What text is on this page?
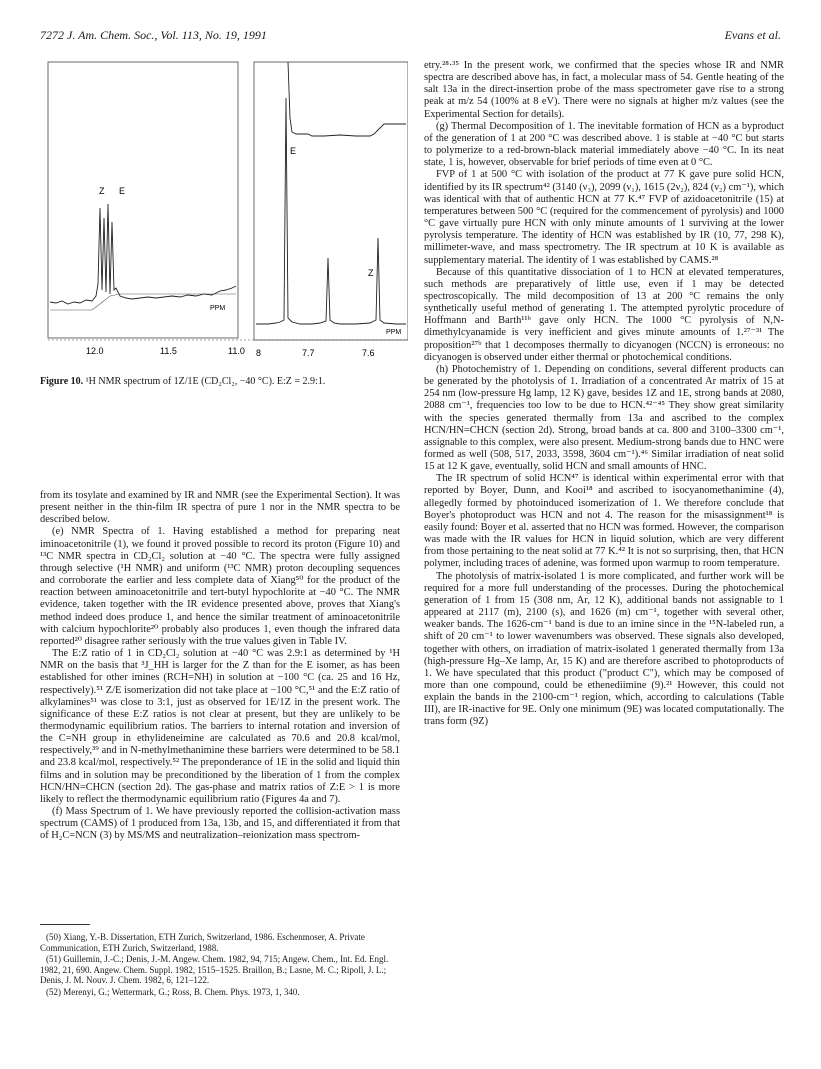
7272 J. Am. Chem. Soc., Vol. 113, No. 19, 1991	Evans et al.
PPM
Z E
E
Z
PPM
12.0	11.5	11.0 8	7.7	7.6
Figure 10. ¹H NMR spectrum of 1Z/1E (CD₂Cl₂, −40 °C). E:Z = 2.9:1.

from its tosylate and examined by IR and NMR (see the Experimental Section). It was present neither in the thin-film IR spectra of pure 1 nor in the NMR spectra to be described below.

(e) NMR Spectra of 1. Having established a method for preparing neat iminoacetonitrile (1), we found it proved possible to record its proton (Figure 10) and ¹³C NMR spectra in CD₂Cl₂ solution at −40 °C. The spectra were fully assigned through selective (¹H NMR) and uniform (¹³C NMR) proton decoupling sequences and corroborate the earlier and less complete data of Xiang⁵⁰ for the product of the reaction between aminoacetonitrile and tert-butyl hypochlorite at −40 °C. The NMR evidence, taken together with the IR evidence presented above, proves that Xiang's method indeed does produce 1, and hence the similar treatment of aminoacetonitrile with calcium hypochlorite²⁰ probably also produces 1, even though the infrared data reported²⁰ disagree rather seriously with the true values given in Table IV.

The E:Z ratio of 1 in CD₂Cl₂ solution at −40 °C was 2.9:1 as determined by ¹H NMR on the basis that ³J_HH is larger for the Z than for the E isomer, as has been established for other imines (RCH=NH) in solution at −100 °C (ca. 25 and 16 Hz, respectively).⁵¹ Z/E isomerization did not take place at −100 °C,⁵¹ and the E:Z ratio of alkylamines⁵¹ was close to 3:1, just as observed for 1E/1Z in the present work. The significance of these E:Z ratios is not clear at present, but they are unlikely to be thermodynamic equilibrium ratios. The barriers to internal rotation and inversion of the C=NH group in ethylideneimine are calculated as 70.6 and 20.8 kcal/mol, respectively,³⁹ and in N-methylmethanimine these barriers were determined to be 58.1 and 23.8 kcal/mol, respectively.⁵² The preponderance of 1E in the solid and liquid thin films and in solution may be preconditioned by the liberation of 1 from the complex HCN/HN=CHCN (section 2d). The gas-phase and matrix ratios of Z:E > 1 is more likely to reflect the thermodynamic equilibrium ratio (Figures 4a and 7).

(f) Mass Spectrum of 1. We have previously reported the collision-activation mass spectrum (CAMS) of 1 produced from 13a, 13b, and 15, and differentiated it from that of H₂C=NCN (3) by MS/MS and neutralization–reionization mass spectrom-

(50) Xiang, Y.-B. Dissertation, ETH Zurich, Switzerland, 1986. Eschenmoser, A. Private Communication, ETH Zurich, Switzerland, 1988.

(51) Guillemin, J.-C.; Denis, J.-M. Angew. Chem. 1982, 94, 715; Angew. Chem., Int. Ed. Engl. 1982, 21, 690. Angew. Chem. Suppl. 1982, 1515–1525. Braillon, B.; Lasne, M. C.; Ripoll, J. L.; Denis, J. M. Nouv. J. Chem. 1982, 6, 121–122.

(52) Merenyi, G.; Wettermark, G.; Ross, B. Chem. Phys. 1973, 1, 340.

etry.²⁸·³⁵ In the present work, we confirmed that the species whose IR and NMR spectra are described above has, in fact, a molecular mass of 54. Gentle heating of the salt 13a in the direct-insertion probe of the mass spectrometer gave rise to a strong peak at m/z 54 (100% at 8 eV). There were no signals at higher m/z values (see the Experimental Section for details).

(g) Thermal Decomposition of 1. The inevitable formation of HCN as a byproduct of the generation of 1 at 200 °C was described above. 1 is stable at −40 °C but starts to polymerize to a red-brown-black material immediately above −40 °C. In its neat state, 1 is, however, observable for brief periods of time even at 0 °C.

FVP of 1 at 500 °C with isolation of the product at 77 K gave pure solid HCN, identified by its IR spectrum⁴² (3140 (ν₃), 2099 (ν₁), 1615 (2ν₂), 824 (ν₂) cm⁻¹), which was identical with that of authentic HCN at 77 K.⁴⁷ FVP of azidoacetonitrile (15) at temperatures between 500 °C (required for the commencement of pyrolysis) and 1000 °C gave virtually pure HCN with only minute amounts of 1 surviving at the lower pyrolysis temperature. The identity of HCN was established by IR (10, 77, 298 K), millimeter-wave, and mass spectrometry. The IR spectrum at 10 K is available as supplementary material. The identity of 1 was established by CAMS.²⁸

Because of this quantitative dissociation of 1 to HCN at elevated temperatures, such methods are preparatively of little use, even if 1 may be detected spectroscopically. The mild decomposition of 13 at 200 °C remains the only synthetically useful method of generating 1. The attempted pyrolytic procedure of Hoffmann and Barth¹¹ᵇ gave only HCN. The 1000 °C pyrolysis of N,N-dimethylcyanamide is very inefficient and gives minute amounts of 1.²⁷⁻³¹ The proposition²⁷ᵇ that 1 decomposes thermally to dicyanogen (NCCN) is erroneous: no dicyanogen is observed under either thermal or photochemical conditions.

(h) Photochemistry of 1. Depending on conditions, several different products can be generated by the photolysis of 1. Irradiation of a concentrated Ar matrix of 15 at 254 nm (low-pressure Hg lamp, 12 K) gave, besides 1Z and 1E, strong bands at 2080, 2088 cm⁻¹, frequencies too low to be due to HCN.⁴²⁻⁴⁵ They show great similarity with the species generated thermally from 13a and ascribed to the complex HCN/HN=CHCN (section 2d). Strong, broad bands at ca. 800 and 3100–3300 cm⁻¹, assignable to this complex, were also present. Medium-strong bands due to HNC were formed as well (508, 517, 2033, 3598, 3604 cm⁻¹).⁴⁶ Similar irradiation of neat solid 15 at 12 K gave, eventually, solid HCN and small amounts of HNC.

The IR spectrum of solid HCN⁴⁷ is identical within experimental error with that reported by Boyer, Dunn, and Kooi¹⁸ and ascribed to isocyanomethanimine (4), allegedly formed by photoinduced isomerization of 1. We therefore conclude that Boyer's photoproduct was HCN and not 4. The reason for the misassignment¹⁸ is easily found: Boyer et al. asserted that no HCN was formed. However, the comparison was made with the IR values for HCN in liquid solution, which are very different from those pertaining to the neat solid at 77 K.⁴² It is not so surprising, then, that HCN polymer, including traces of adenine, was formed upon warmup to room temperature.

The photolysis of matrix-isolated 1 is more complicated, and further work will be required for a more full understanding of the processes. During the photochemical generation of 1 from 15 (308 nm, Ar, 12 K), additional bands not assignable to 1 appeared at 2117 (m), 2100 (s), and 1626 (m) cm⁻¹, together with several other, weaker bands. The 1626-cm⁻¹ band is due to an imine since in the ¹⁵N-labeled run, a shift of 20 cm⁻¹ to lower wavenumbers was observed. These signals also developed, together with others, on irradiation of matrix-isolated 1 generated thermally from 13a (high-pressure Hg–Xe lamp, Ar, 15 K) and are therefore ascribed to photoproducts of 1. We have speculated that this product ("product C"), which may be composed of more than one compound, could be ethenediimine (9).²¹ However, this could not explain the bands in the 2100-cm⁻¹ region, which, according to calculations (Table III), are IR-inactive for 9E. Only one minimum (9E) was located computationally. The trans form (9Z)
